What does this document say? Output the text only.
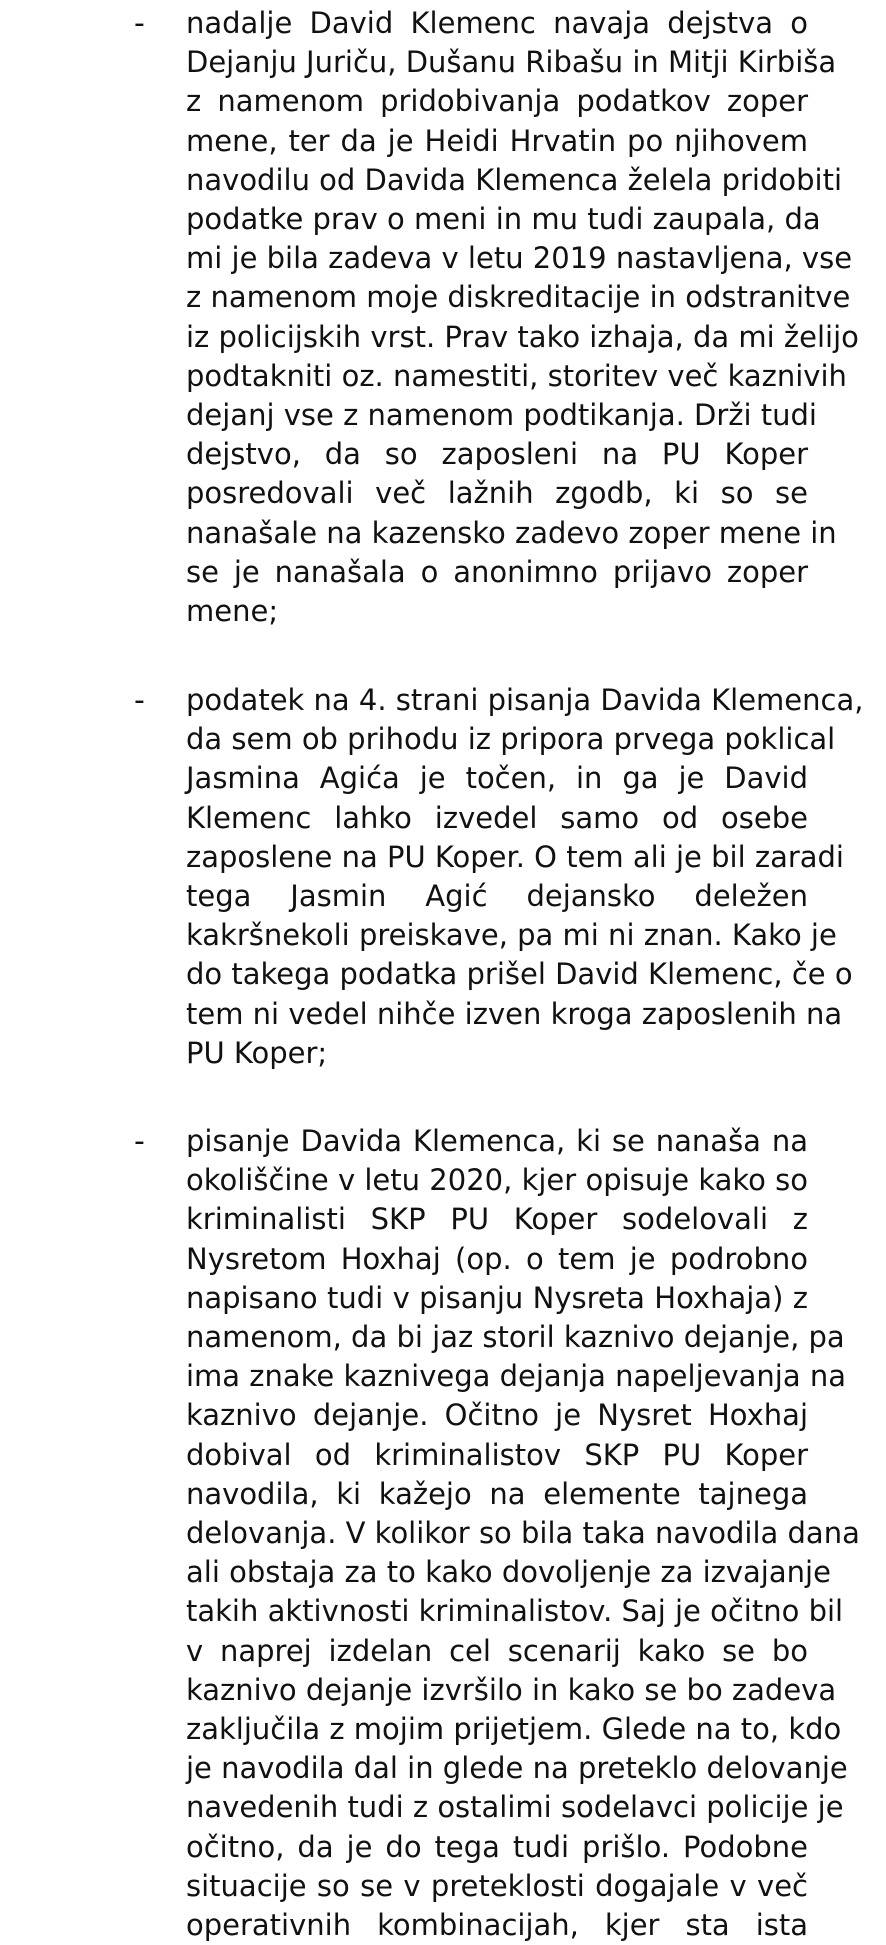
- nadalje David Klemenc navaja dejstva o
Dejanju Juriču, Dušanu Ribašu in Mitji Kirbiša
z namenom pridobivanja podatkov zoper
mene, ter da je Heidi Hrvatin po njihovem
navodilu od Davida Klemenca želela pridobiti
podatke prav o meni in mu tudi zaupala, da
mi je bila zadeva v letu 2019 nastavljena, vse
z namenom moje diskreditacije in odstranitve
iz policijskih vrst. Prav tako izhaja, da mi želijo
podtakniti oz. namestiti, storitev več kaznivih
dejanj vse z namenom podtikanja. Drži tudi
dejstvo, da so zaposleni na PU Koper
posredovali več lažnih zgodb, ki so se
nanašale na kazensko zadevo zoper mene in
se je nanašala o anonimno prijavo zoper
mene;
- podatek na 4. strani pisanja Davida Klemenca,
da sem ob prihodu iz pripora prvega poklical
Jasmina Agića je točen, in ga je David
Klemenc lahko izvedel samo od osebe
zaposlene na PU Koper. O tem ali je bil zaradi
tega Jasmin Agić dejansko deležen
kakršnekoli preiskave, pa mi ni znan. Kako je
do takega podatka prišel David Klemenc, če o
tem ni vedel nihče izven kroga zaposlenih na
PU Koper;
- pisanje Davida Klemenca, ki se nanaša na
okoliščine v letu 2020, kjer opisuje kako so
kriminalisti SKP PU Koper sodelovali z
Nysretom Hoxhaj (op. o tem je podrobno
napisano tudi v pisanju Nysreta Hoxhaja) z
namenom, da bi jaz storil kaznivo dejanje, pa
ima znake kaznivega dejanja napeljevanja na
kaznivo dejanje. Očitno je Nysret Hoxhaj
dobival od kriminalistov SKP PU Koper
navodila, ki kažejo na elemente tajnega
delovanja. V kolikor so bila taka navodila dana
ali obstaja za to kako dovoljenje za izvajanje
takih aktivnosti kriminalistov. Saj je očitno bil
v naprej izdelan cel scenarij kako se bo
kaznivo dejanje izvršilo in kako se bo zadeva
zaključila z mojim prijetjem. Glede na to, kdo
je navodila dal in glede na preteklo delovanje
navedenih tudi z ostalimi sodelavci policije je
očitno, da je do tega tudi prišlo. Podobne
situacije so se v preteklosti dogajale v več
operativnih kombinacijah, kjer sta ista
